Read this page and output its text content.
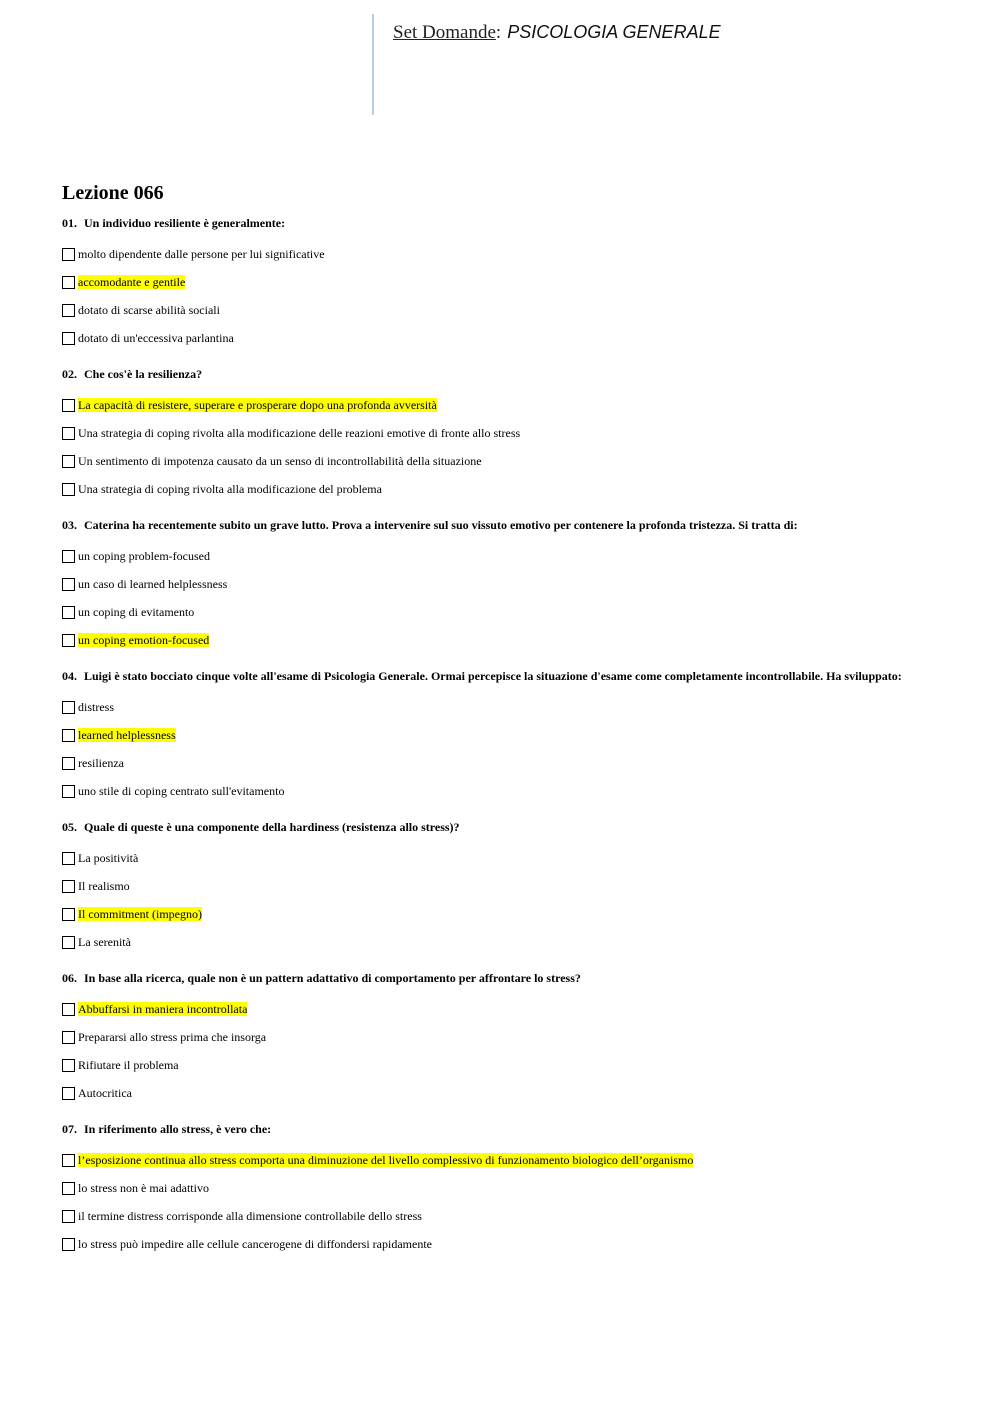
Set Domande: PSICOLOGIA GENERALE
Lezione 066
01. Un individuo resiliente è generalmente:
molto dipendente dalle persone per lui significative
accomodante e gentile
dotato di scarse abilità sociali
dotato di un'eccessiva parlantina
02. Che cos'è la resilienza?
La capacità di resistere, superare e prosperare dopo una profonda avversità
Una strategia di coping rivolta alla modificazione delle reazioni emotive di fronte allo stress
Un sentimento di impotenza causato da un senso di incontrollabilità della situazione
Una strategia di coping rivolta alla modificazione del problema
03. Caterina ha recentemente subito un grave lutto. Prova a intervenire sul suo vissuto emotivo per contenere la profonda tristezza. Si tratta di:
un coping problem-focused
un caso di learned helplessness
un coping di evitamento
un coping emotion-focused
04. Luigi è stato bocciato cinque volte all'esame di Psicologia Generale. Ormai percepisce la situazione d'esame come completamente incontrollabile. Ha sviluppato:
distress
learned helplessness
resilienza
uno stile di coping centrato sull'evitamento
05. Quale di queste è una componente della hardiness (resistenza allo stress)?
La positività
Il realismo
Il commitment (impegno)
La serenità
06. In base alla ricerca, quale non è un pattern adattativo di comportamento per affrontare lo stress?
Abbuffarsi in maniera incontrollata
Prepararsi allo stress prima che insorga
Rifiutare il problema
Autocritica
07. In riferimento allo stress, è vero che:
l’esposizione continua allo stress comporta una diminuzione del livello complessivo di funzionamento biologico dell’organismo
lo stress non è mai adattivo
il termine distress corrisponde alla dimensione controllabile dello stress
lo stress può impedire alle cellule cancerogene di diffondersi rapidamente
